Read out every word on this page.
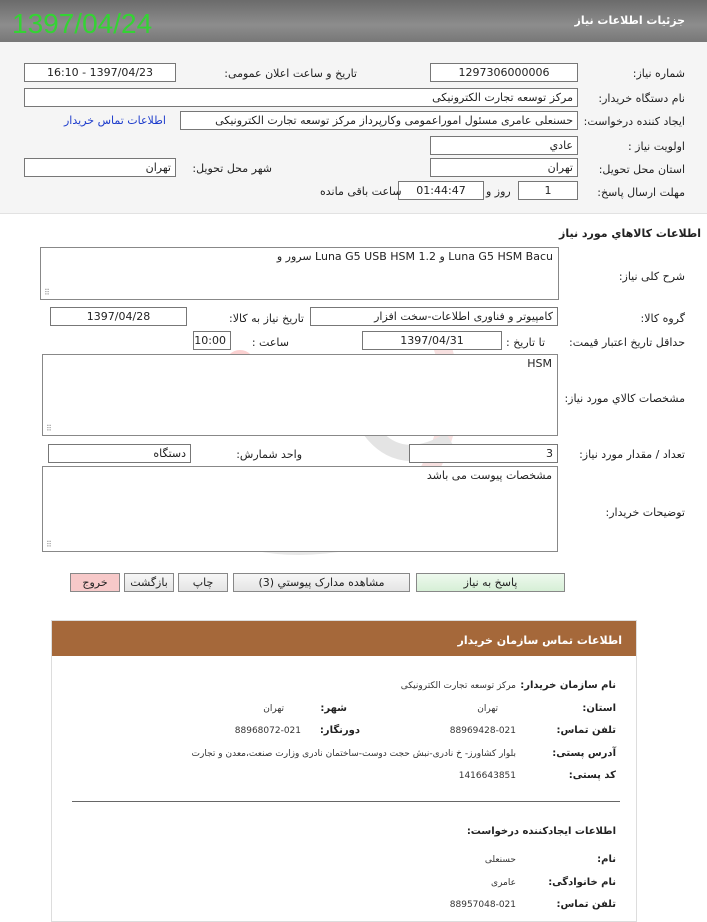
جزئیات اطلاعات نیاز
1397/04/24
شماره نیاز:
1297306000006
تاریخ و ساعت اعلان عمومی:
1397/04/23 - 16:10
نام دستگاه خریدار:
مرکز توسعه تجارت الکترونیکی
ایجاد کننده درخواست:
حسنعلی عامری مسئول اموراعمومی وکارپرداز مرکز توسعه تجارت الکترونیکی
اطلاعات تماس خریدار
اولویت نیاز :
عادي
استان محل تحویل:
تهران
شهر محل تحویل:
تهران
مهلت ارسال پاسخ:
1
روز و
01:44:47
ساعت باقی مانده
اطلاعات کالاهاي مورد نياز
شرح کلی نیاز:
سرور و Luna G5 USB HSM 1.2 و Luna G5 HSM Bacu
⠿
گروه کالا:
کامپیوتر و فناوری اطلاعات-سخت افزار
تاریخ نیاز به کالا:
1397/04/28
حداقل تاریخ اعتبار قیمت:
تا تاریخ :
1397/04/31
ساعت :
10:00
مشخصات کالاي مورد نياز:
HSM
⠿
تعداد / مقدار مورد نیاز:
3
واحد شمارش:
دستگاه
توضیحات خریدار:
مشخصات پیوست می باشد
⠿
پاسخ به نیاز
مشاهده مدارک پیوستي (3)
چاپ
بازگشت
خروج
اطلاعات تماس سازمان خریدار
نام سازمان خریدار:
مرکز توسعه تجارت الکترونیکی
استان:
تهران
شهر:
تهران
تلفن تماس:
88969428-021
دورنگار:
88968072-021
آدرس پستی:
بلوار کشاورز- خ نادری-نبش حجت دوست-ساختمان نادری وزارت صنعت،معدن و تجارت
کد پستی:
1416643851
اطلاعات ایجادکننده درخواست:
نام:
حسنعلی
نام خانوادگی:
عامری
تلفن تماس:
88957048-021
